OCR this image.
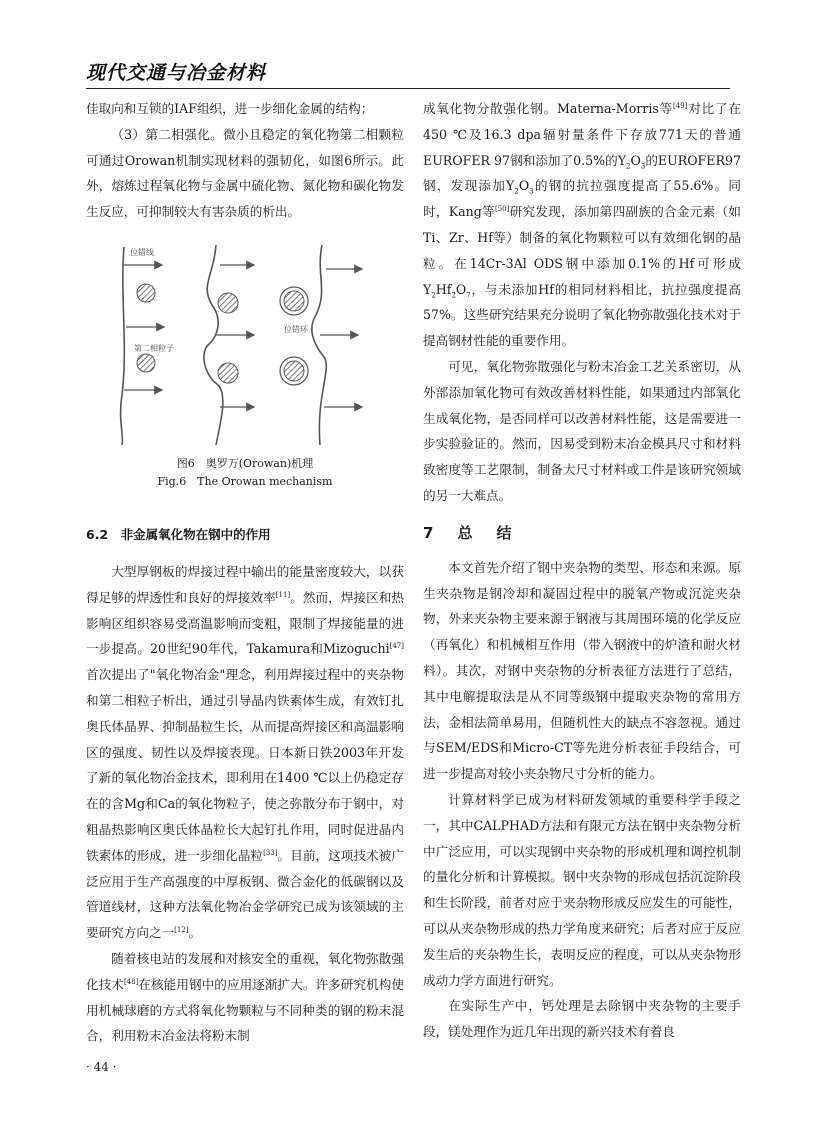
现代交通与冶金材料

佳取向和互锁的IAF组织，进一步细化金属的结构；

（3）第二相强化。微小且稳定的氧化物第二相颗粒可通过Orowan机制实现材料的强韧化，如图6所示。此外，熔炼过程氧化物与金属中硫化物、氮化物和碳化物发生反应，可抑制较大有害杂质的析出。

位错线
第二相粒子
位错环
图6　奥罗万(Orowan)机理
Fig.6　The Orowan mechanism
6.2　非金属氧化物在钢中的作用

大型厚钢板的焊接过程中输出的能量密度较大，以获得足够的焊透性和良好的焊接效率[11]。然而，焊接区和热影响区组织容易受高温影响而变粗，限制了焊接能量的进一步提高。20世纪90年代，Takamura和Mizoguchi[47]首次提出了"氧化物冶金"理念，利用焊接过程中的夹杂物和第二相粒子析出，通过引导晶内铁素体生成，有效钉扎奥氏体晶界、抑制晶粒生长，从而提高焊接区和高温影响区的强度、韧性以及焊接表现。日本新日铁2003年开发了新的氧化物冶金技术，即利用在1400 ℃以上仍稳定存在的含Mg和Ca的氧化物粒子，使之弥散分布于钢中，对粗晶热影响区奥氏体晶粒长大起钉扎作用，同时促进晶内铁素体的形成，进一步细化晶粒[33]。目前，这项技术被广泛应用于生产高强度的中厚板钢、微合金化的低碳钢以及管道线材，这种方法氧化物冶金学研究已成为该领域的主要研究方向之一[12]。

随着核电站的发展和对核安全的重视，氧化物弥散强化技术[48]在核能用钢中的应用逐渐扩大。许多研究机构使用机械球磨的方式将氧化物颗粒与不同种类的钢的粉末混合，利用粉末冶金法将粉末制

成氧化物分散强化钢。Materna-Morris等[49]对比了在450 ℃及16.3 dpa辐射量条件下存放771天的普通EUROFER 97钢和添加了0.5%的$Y_2O_3$的EUROFER97钢，发现添加$Y_2O_3$的钢的抗拉强度提高了55.6%。同时，Kang等[50]研究发现，添加第四副族的合金元素（如Ti、Zr、Hf等）制备的氧化物颗粒可以有效细化钢的晶粒。在14Cr-3Al ODS钢中添加0.1%的Hf可形成$Y_2Hf_2O_7$，与未添加Hf的相同材料相比，抗拉强度提高57%。这些研究结果充分说明了氧化物弥散强化技术对于提高钢材性能的重要作用。

可见，氧化物弥散强化与粉末冶金工艺关系密切，从外部添加氧化物可有效改善材料性能，如果通过内部氧化生成氧化物，是否同样可以改善材料性能，这是需要进一步实验验证的。然而，因易受到粉末冶金模具尺寸和材料致密度等工艺限制，制备大尺寸材料或工件是该研究领域的另一大难点。

7 总 结

本文首先介绍了钢中夹杂物的类型、形态和来源。原生夹杂物是钢冷却和凝固过程中的脱氧产物或沉淀夹杂物，外来夹杂物主要来源于钢液与其周围环境的化学反应（再氧化）和机械相互作用（带入钢液中的炉渣和耐火材料）。其次，对钢中夹杂物的分析表征方法进行了总结，其中电解提取法是从不同等级钢中提取夹杂物的常用方法，金相法简单易用，但随机性大的缺点不容忽视。通过与SEM/EDS和Micro-CT等先进分析表征手段结合，可进一步提高对较小夹杂物尺寸分析的能力。

计算材料学已成为材料研发领域的重要科学手段之一，其中CALPHAD方法和有限元方法在钢中夹杂物分析中广泛应用，可以实现钢中夹杂物的形成机理和调控机制的量化分析和计算模拟。钢中夹杂物的形成包括沉淀阶段和生长阶段，前者对应于夹杂物形成反应发生的可能性，可以从夹杂物形成的热力学角度来研究；后者对应于反应发生后的夹杂物生长，表明反应的程度，可以从夹杂物形成动力学方面进行研究。

在实际生产中，钙处理是去除钢中夹杂物的主要手段，镁处理作为近几年出现的新兴技术有着良

· 44 ·
